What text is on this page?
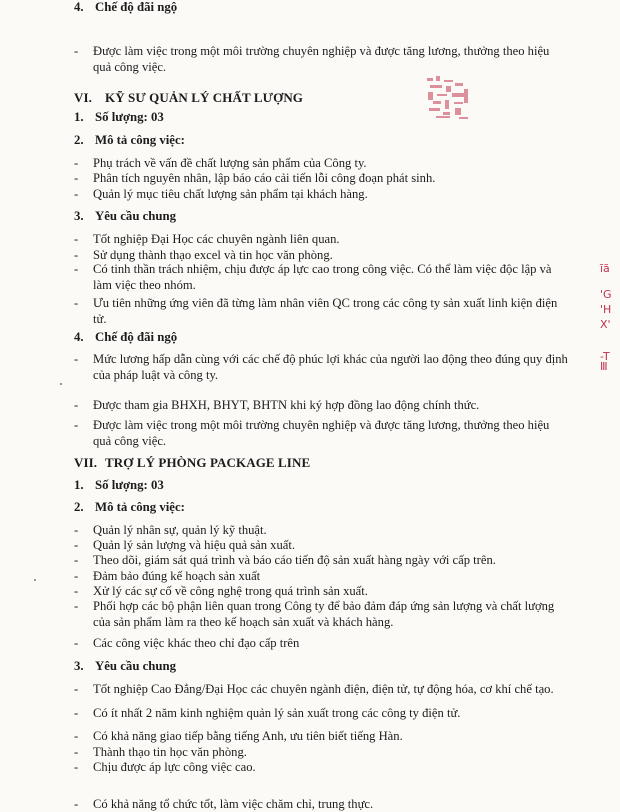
ĩã
'G
'H
X'
-T
Ⅲ
- Được làm việc trong một môi trường chuyên nghiệp và được tăng lương, thưởng theo hiệu
quả công việc.
VI. KỸ SƯ QUẢN LÝ CHẤT LƯỢNG
1. Số lượng: 03
2. Mô tả công việc:
- Phụ trách về vấn đề chất lượng sản phẩm của Công ty.
- Phân tích nguyên nhân, lập báo cáo cải tiến lỗi công đoạn phát sinh.
- Quản lý mục tiêu chất lượng sản phẩm tại khách hàng.
3. Yêu cầu chung
- Tốt nghiệp Đại Học các chuyên ngành liên quan.
- Sử dụng thành thạo excel và tin học văn phòng.
- Có tinh thần trách nhiệm, chịu được áp lực cao trong công việc. Có thể làm việc độc lập và
làm việc theo nhóm.
- Ưu tiên những ứng viên đã từng làm nhân viên QC trong các công ty sản xuất linh kiện điện
tử.
4. Chế độ đãi ngộ
- Mức lương hấp dẫn cùng với các chế độ phúc lợi khác của người lao động theo đúng quy định
của pháp luật và công ty.
- Được tham gia BHXH, BHYT, BHTN khi ký hợp đồng lao động chính thức.
- Được làm việc trong một môi trường chuyên nghiệp và được tăng lương, thưởng theo hiệu
quả công việc.
VII. TRỢ LÝ PHÒNG PACKAGE LINE
1. Số lượng: 03
2. Mô tả công việc:
- Quản lý nhân sự, quản lý kỹ thuật.
- Quản lý sản lượng và hiệu quả sản xuất.
- Theo dõi, giám sát quá trình và báo cáo tiến độ sản xuất hàng ngày với cấp trên.
- Đảm bảo đúng kế hoạch sản xuất
- Xử lý các sự cố về công nghệ trong quá trình sản xuất.
- Phối hợp các bộ phận liên quan trong Công ty để bảo đảm đáp ứng sản lượng và chất lượng
của sản phẩm làm ra theo kế hoạch sản xuất và khách hàng.
- Các công việc khác theo chỉ đạo cấp trên
3. Yêu cầu chung
- Tốt nghiệp Cao Đẳng/Đại Học các chuyên ngành điện, điện tử, tự động hóa, cơ khí chế tạo.
- Có ít nhất 2 năm kinh nghiệm quản lý sản xuất trong các công ty điện tử.
- Có khả năng giao tiếp bằng tiếng Anh, ưu tiên biết tiếng Hàn.
- Thành thạo tin học văn phòng.
- Chịu được áp lực công việc cao.
- Có khả năng tổ chức tốt, làm việc chăm chỉ, trung thực.
4. Chế độ đãi ngộ
